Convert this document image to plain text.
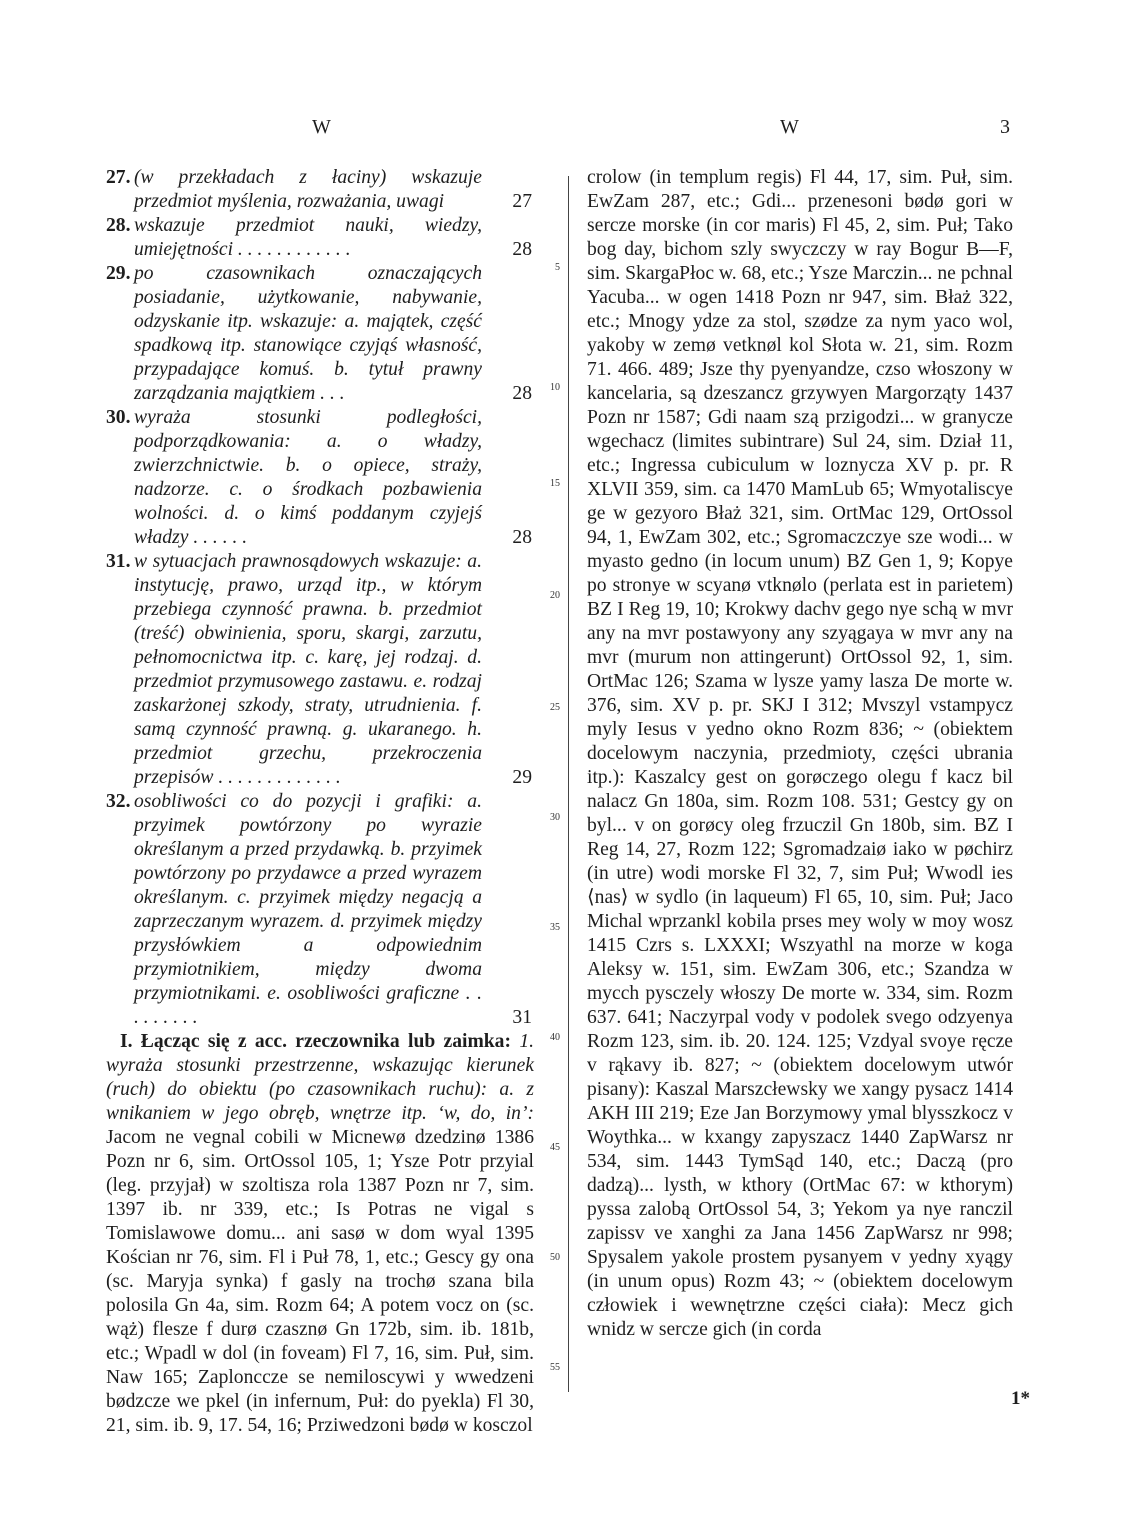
W	W	3
27. (w przekładach z łaciny) wskazuje przedmiot myślenia, rozważania, uwagi	27
28. wskazuje przedmiot nauki, wiedzy, umiejętności . . . . . . . . . . . .	28
29. po czasownikach oznaczających posiadanie, użytkowanie, nabywanie, odzyskanie itp. wskazuje: a. majątek, część spadkową itp. stanowiące czyjąś własność, przypadające komuś. b. tytuł prawny zarządzania majątkiem . . .	28
30. wyraża stosunki podległości, podporządkowania: a. o władzy, zwierzchnictwie. b. o opiece, straży, nadzorze. c. o środkach pozbawienia wolności. d. o kimś poddanym czyjejś władzy . . . . . .	28
31. w sytuacjach prawnosądowych wskazuje: a. instytucję, prawo, urząd itp., w którym przebiega czynność prawna. b. przedmiot (treść) obwinienia, sporu, skargi, zarzutu, pełnomocnictwa itp. c. karę, jej rodzaj. d. przedmiot przymusowego zastawu. e. rodzaj zaskarżonej szkody, straty, utrudnienia. f. samą czynność prawną. g. ukaranego. h. przedmiot grzechu, przekroczenia przepisów . . . . . . . . . . . . .	29
32. osobliwości co do pozycji i grafiki: a. przyimek powtórzony po wyrazie określanym a przed przydawką. b. przyimek powtórzony po przydawce a przed wyrazem określanym. c. przyimek między negacją a zaprzeczanym wyrazem. d. przyimek między przysłówkiem a odpowiednim przymiotnikiem, między dwoma przymiotnikami. e. osobliwości graficzne . . . . . . . . .	31

I. Łącząc się z acc. rzeczownika lub zaimka: 1. wyraża stosunki przestrzenne, wskazując kierunek (ruch) do obiektu (po czasownikach ruchu): a. z wnikaniem w jego obręb, wnętrze itp. ‘w, do, in’: Jacom ne vegnal cobili w Micnewø dzedzinø 1386 Pozn nr 6, sim. OrtOssol 105, 1; Ysze Potr przyial (leg. przyjał) w szoltisza rola 1387 Pozn nr 7, sim. 1397 ib. nr 339, etc.; Is Potras ne vigal s Tomislawowe domu... ani sasø w dom wyal 1395 Kościan nr 76, sim. Fl i Puł 78, 1, etc.; Gescy gy ona (sc. Maryja synka) f gasly na trochø szana bila polosila Gn 4a, sim. Rozm 64; A potem vocz on (sc. wąż) flesze f durø czasznø Gn 172b, sim. ib. 181b, etc.; Wpadl w dol (in foveam) Fl 7, 16, sim. Puł, sim. Naw 165; Zaplonccze se nemiloscywi y wwedzeni bødzcze we pkel (in infernum, Puł: do pyekla) Fl 30, 21, sim. ib. 9, 17. 54, 16; Prziwedzoni bødø w kosczol

5
10
15
20
25
30
35
40
45
50
55

crolow (in templum regis) Fl 44, 17, sim. Puł, sim. EwZam 287, etc.; Gdi... przenesoni bødø gori w sercze morske (in cor maris) Fl 45, 2, sim. Puł; Tako bog day, bichom szly swyczczy w ray Bogur B—F, sim. SkargaPłoc w. 68, etc.; Ysze Marczin... ne pchnal Yacuba... w ogen 1418 Pozn nr 947, sim. Błaż 322, etc.; Mnogy ydze za stol, szødze za nym yaco wol, yakoby w zemø vetknøl kol Słota w. 21, sim. Rozm 71. 466. 489; Jsze thy pyenyandze, czso włoszony w kancelaria, są dzeszancz grzywyen Margorząty 1437 Pozn nr 1587; Gdi naam szą przigodzi... w granycze wgechacz (limites subintrare) Sul 24, sim. Dział 11, etc.; Ingressa cubiculum w loznycza XV p. pr. R XLVII 359, sim. ca 1470 MamLub 65; Wmyotaliscye ge w gezyoro Błaż 321, sim. OrtMac 129, OrtOssol 94, 1, EwZam 302, etc.; Sgromaczczye sze wodi... w myasto gedno (in locum unum) BZ Gen 1, 9; Kopye po stronye w scyanø vtknølo (perlata est in parietem) BZ I Reg 19, 10; Krokwy dachv gego nye schą w mvr any na mvr postawyony any szyągaya w mvr any na mvr (murum non attingerunt) OrtOssol 92, 1, sim. OrtMac 126; Szama w lysze yamy lasza De morte w. 376, sim. XV p. pr. SKJ I 312; Mvszyl vstampycz myly Iesus v yedno okno Rozm 836; ~ (obiektem docelowym naczynia, przedmioty, części ubrania itp.): Kaszalcy gest on gorøczego olegu f kacz bil nalacz Gn 180a, sim. Rozm 108. 531; Gestcy gy on byl... v on gorøcy oleg frzuczil Gn 180b, sim. BZ I Reg 14, 27, Rozm 122; Sgromadzaiø iako w pøchirz (in utre) wodi morske Fl 32, 7, sim Puł; Wwodl ies ⟨nas⟩ w sydlo (in laqueum) Fl 65, 10, sim. Puł; Jaco Michal wprzankl kobila prses mey woly w moy wosz 1415 Czrs s. LXXXI; Wszyathl na morze w koga Aleksy w. 151, sim. EwZam 306, etc.; Szandza w mycch pysczely włoszy De morte w. 334, sim. Rozm 637. 641; Naczyrpal vody v podolek svego odzyenya Rozm 123, sim. ib. 20. 124. 125; Vzdyal svoye ręcze v rąkavy ib. 827; ~ (obiektem docelowym utwór pisany): Kaszal Marszcłewsky we xangy pysacz 1414 AKH III 219; Eze Jan Borzymowy ymal blysszkocz v Woythka... w kxangy zapyszacz 1440 ZapWarsz nr 534, sim. 1443 TymSąd 140, etc.; Daczą (pro dadzą)... lysth, w kthory (OrtMac 67: w kthorym) pyssa zalobą OrtOssol 54, 3; Yekom ya nye ranczil zapissv ve xanghi za Jana 1456 ZapWarsz nr 998; Spysalem yakole prostem pysanyem v yedny xyągy (in unum opus) Rozm 43; ~ (obiektem docelowym człowiek i wewnętrzne części ciała): Mecz gich wnidz w sercze gich (in corda

1*
